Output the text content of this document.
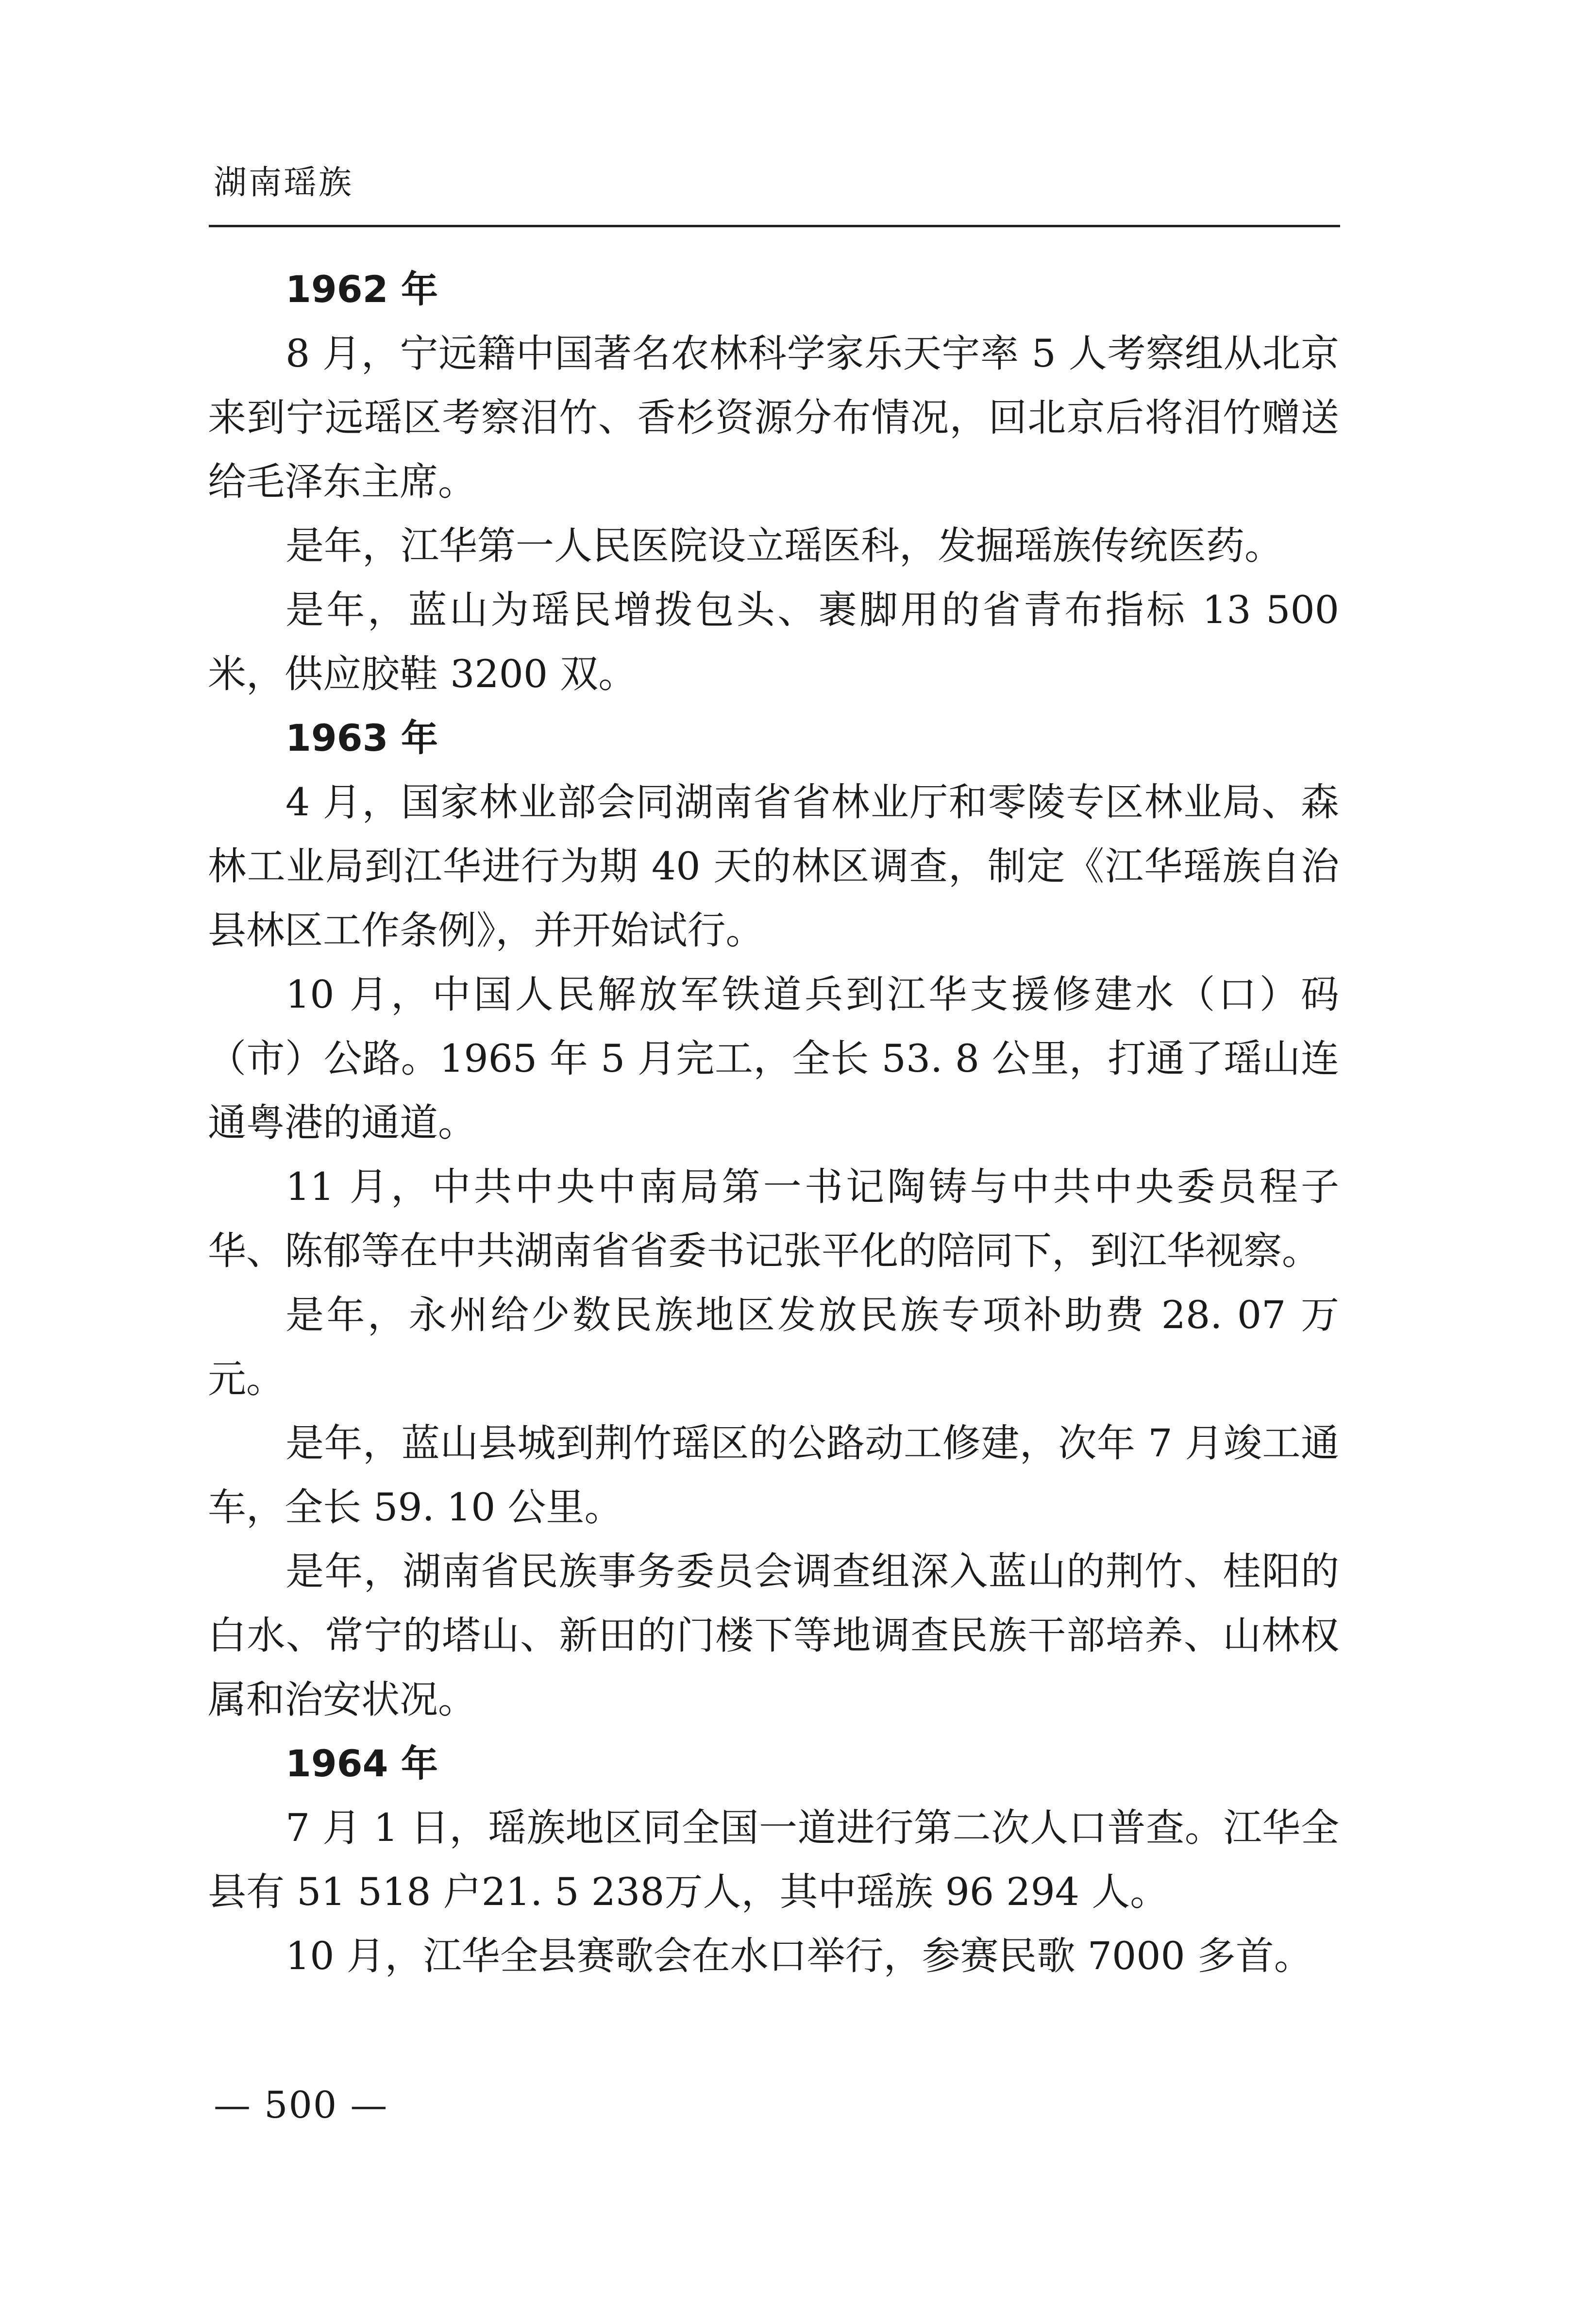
湖南瑶族

1962 年

8 月，宁远籍中国著名农林科学家乐天宇率 5 人考察组从北京来到宁远瑶区考察泪竹、香杉资源分布情况，回北京后将泪竹赠送给毛泽东主席。

是年，江华第一人民医院设立瑶医科，发掘瑶族传统医药。

是年，蓝山为瑶民增拨包头、裹脚用的省青布指标 13 500 米，供应胶鞋 3200 双。

1963 年

4 月，国家林业部会同湖南省省林业厅和零陵专区林业局、森林工业局到江华进行为期 40 天的林区调查，制定《江华瑶族自治县林区工作条例》，并开始试行。

10 月，中国人民解放军铁道兵到江华支援修建水（口）码（市）公路。1965 年 5 月完工，全长 53. 8 公里，打通了瑶山连通粤港的通道。

11 月，中共中央中南局第一书记陶铸与中共中央委员程子华、陈郁等在中共湖南省省委书记张平化的陪同下，到江华视察。

是年，永州给少数民族地区发放民族专项补助费 28. 07 万元。

是年，蓝山县城到荆竹瑶区的公路动工修建，次年 7 月竣工通车，全长 59. 10 公里。

是年，湖南省民族事务委员会调查组深入蓝山的荆竹、桂阳的白水、常宁的塔山、新田的门楼下等地调查民族干部培养、山林权属和治安状况。

1964 年

7 月 1 日，瑶族地区同全国一道进行第二次人口普查。江华全县有 51 518 户21. 5 238万人，其中瑶族 96 294 人。

10 月，江华全县赛歌会在水口举行，参赛民歌 7000 多首。

— 500 —
